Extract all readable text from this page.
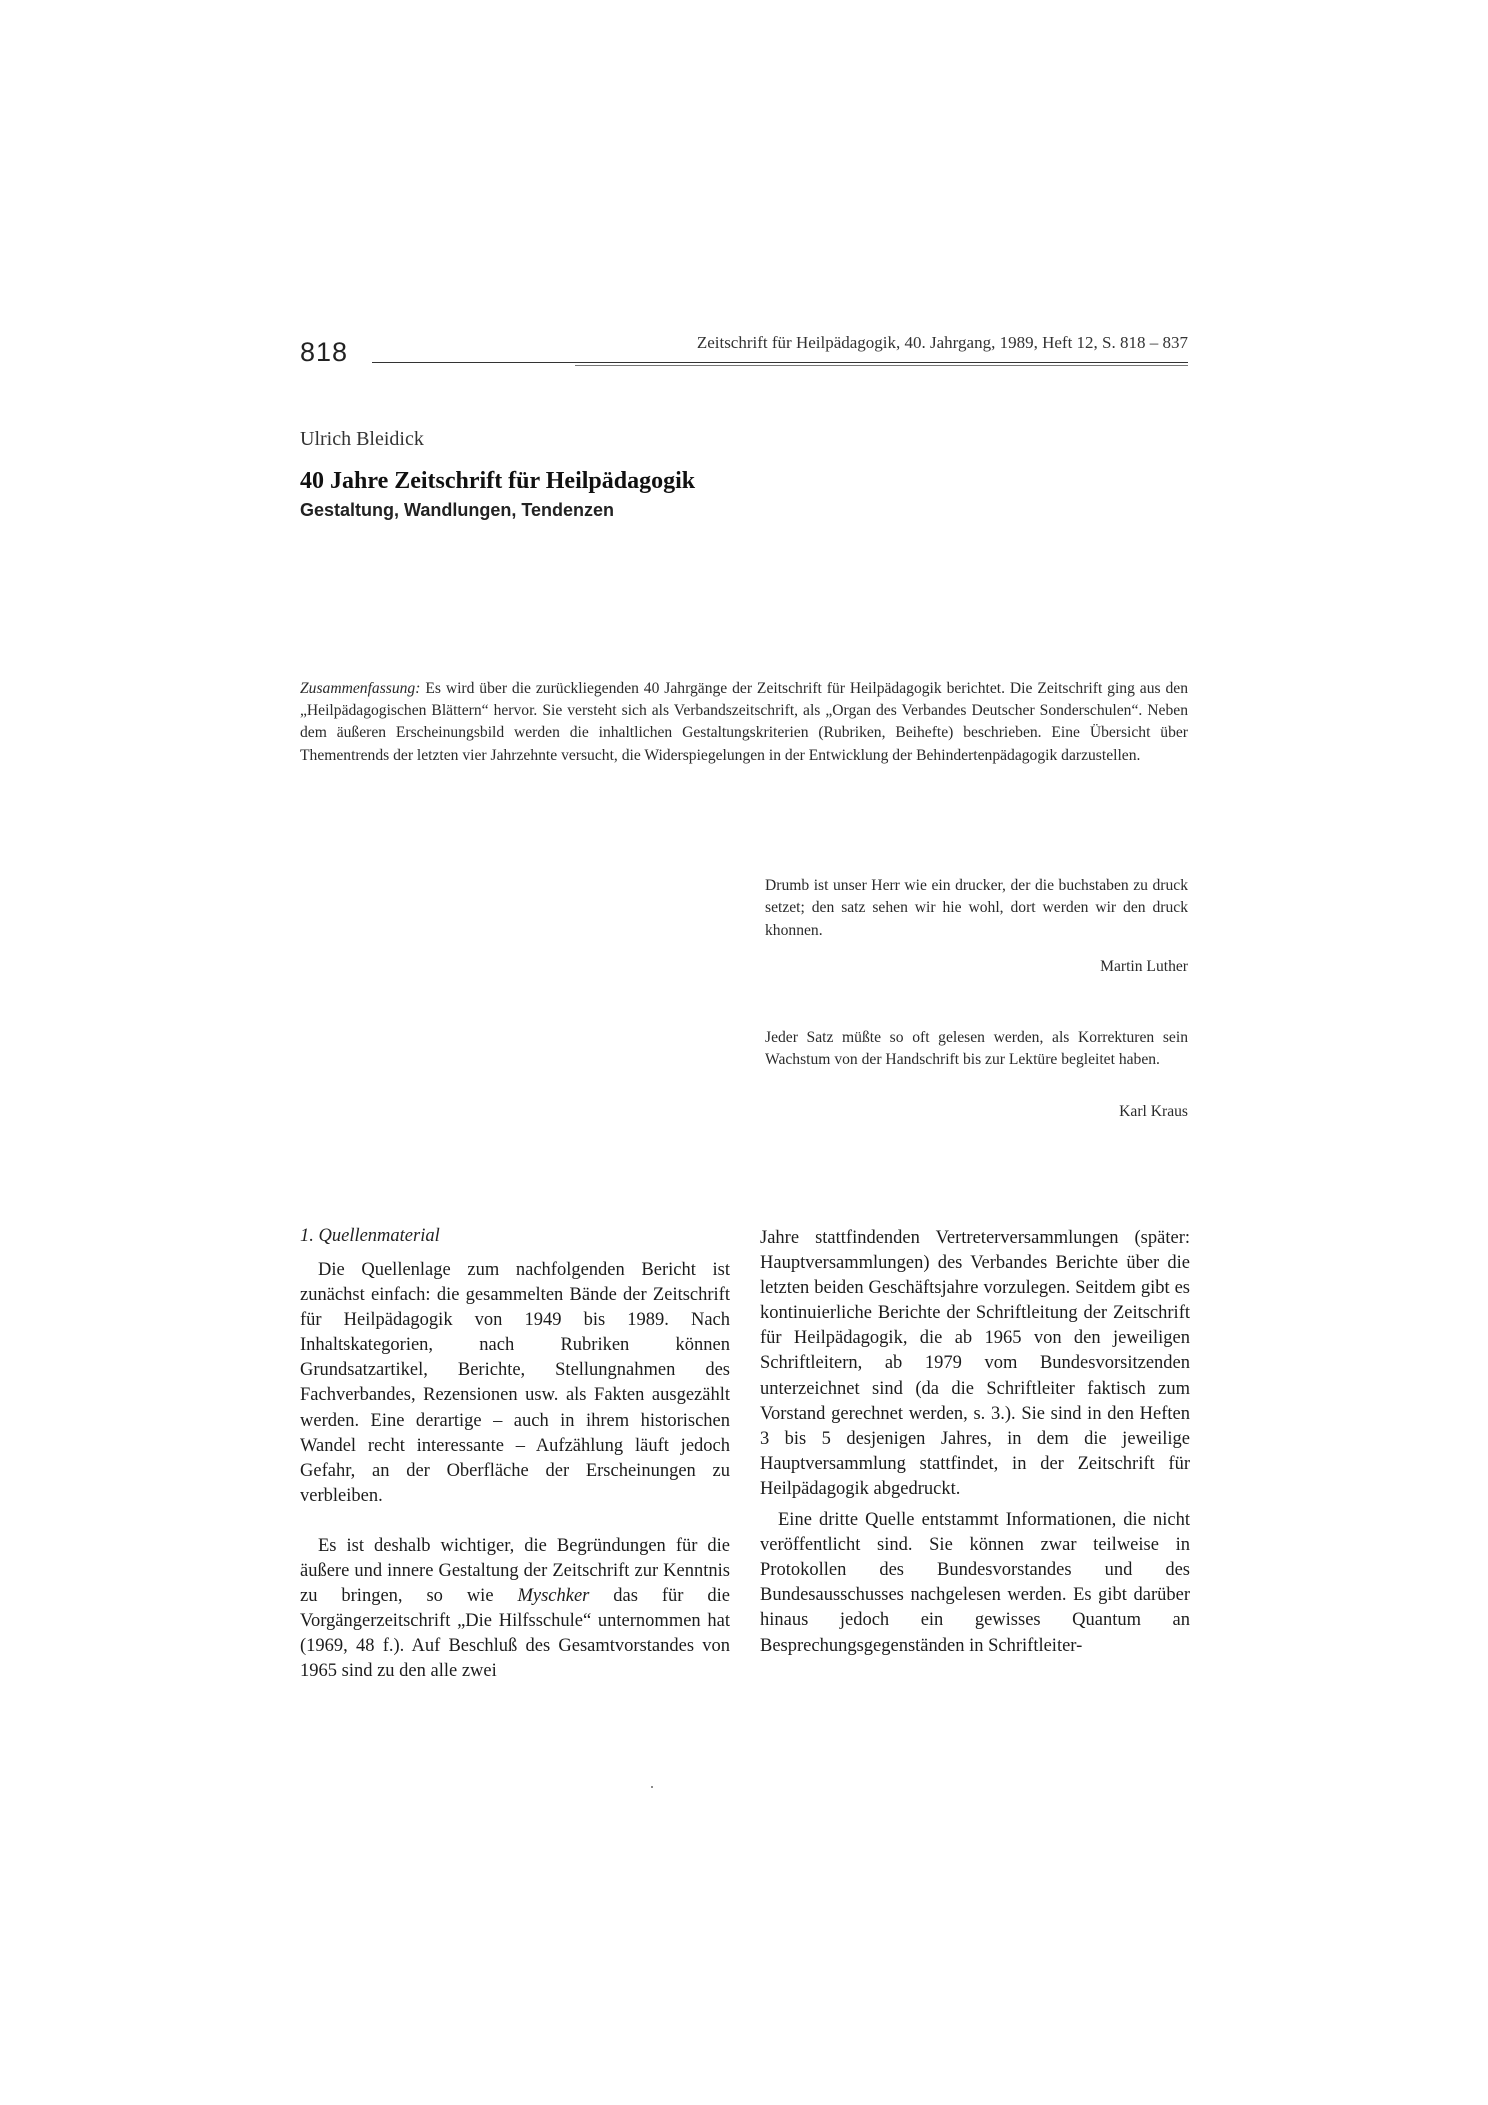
818	Zeitschrift für Heilpädagogik, 40. Jahrgang, 1989, Heft 12, S. 818 – 837
Ulrich Bleidick
40 Jahre Zeitschrift für Heilpädagogik
Gestaltung, Wandlungen, Tendenzen

Zusammenfassung: Es wird über die zurückliegenden 40 Jahrgänge der Zeitschrift für Heilpädagogik berichtet. Die Zeitschrift ging aus den „Heilpädagogischen Blättern“ hervor. Sie versteht sich als Verbandszeitschrift, als „Organ des Verbandes Deutscher Sonderschulen“. Neben dem äußeren Erscheinungsbild werden die inhaltlichen Gestaltungskriterien (Rubriken, Beihefte) beschrieben. Eine Übersicht über Thementrends der letzten vier Jahrzehnte versucht, die Widerspiegelungen in der Entwicklung der Behindertenpädagogik darzustellen.

Drumb ist unser Herr wie ein drucker, der die buchstaben zu druck setzet; den satz sehen wir hie wohl, dort werden wir den druck khonnen.

Martin Luther

Jeder Satz müßte so oft gelesen werden, als Korrekturen sein Wachstum von der Handschrift bis zur Lektüre begleitet haben.

Karl Kraus
1. Quellenmaterial

Die Quellenlage zum nachfolgenden Bericht ist zunächst einfach: die gesammelten Bände der Zeitschrift für Heilpädagogik von 1949 bis 1989. Nach Inhaltskategorien, nach Rubriken können Grundsatzartikel, Berichte, Stellungnahmen des Fachverbandes, Rezensionen usw. als Fakten ausgezählt werden. Eine derartige – auch in ihrem historischen Wandel recht interessante – Aufzählung läuft jedoch Gefahr, an der Oberfläche der Erscheinungen zu verbleiben.

Es ist deshalb wichtiger, die Begründungen für die äußere und innere Gestaltung der Zeitschrift zur Kenntnis zu bringen, so wie Myschker das für die Vorgängerzeitschrift „Die Hilfsschule“ unternommen hat (1969, 48 f.). Auf Beschluß des Gesamtvorstandes von 1965 sind zu den alle zwei

Jahre stattfindenden Vertreterversammlungen (später: Hauptversammlungen) des Verbandes Berichte über die letzten beiden Geschäftsjahre vorzulegen. Seitdem gibt es kontinuierliche Berichte der Schriftleitung der Zeitschrift für Heilpädagogik, die ab 1965 von den jeweiligen Schriftleitern, ab 1979 vom Bundesvorsitzenden unterzeichnet sind (da die Schriftleiter faktisch zum Vorstand gerechnet werden, s. 3.). Sie sind in den Heften 3 bis 5 desjenigen Jahres, in dem die jeweilige Hauptversammlung stattfindet, in der Zeitschrift für Heilpädagogik abgedruckt.

Eine dritte Quelle entstammt Informationen, die nicht veröffentlicht sind. Sie können zwar teilweise in Protokollen des Bundesvorstandes und des Bundesausschusses nachgelesen werden. Es gibt darüber hinaus jedoch ein gewisses Quantum an Besprechungsgegenständen in Schriftleiter-
